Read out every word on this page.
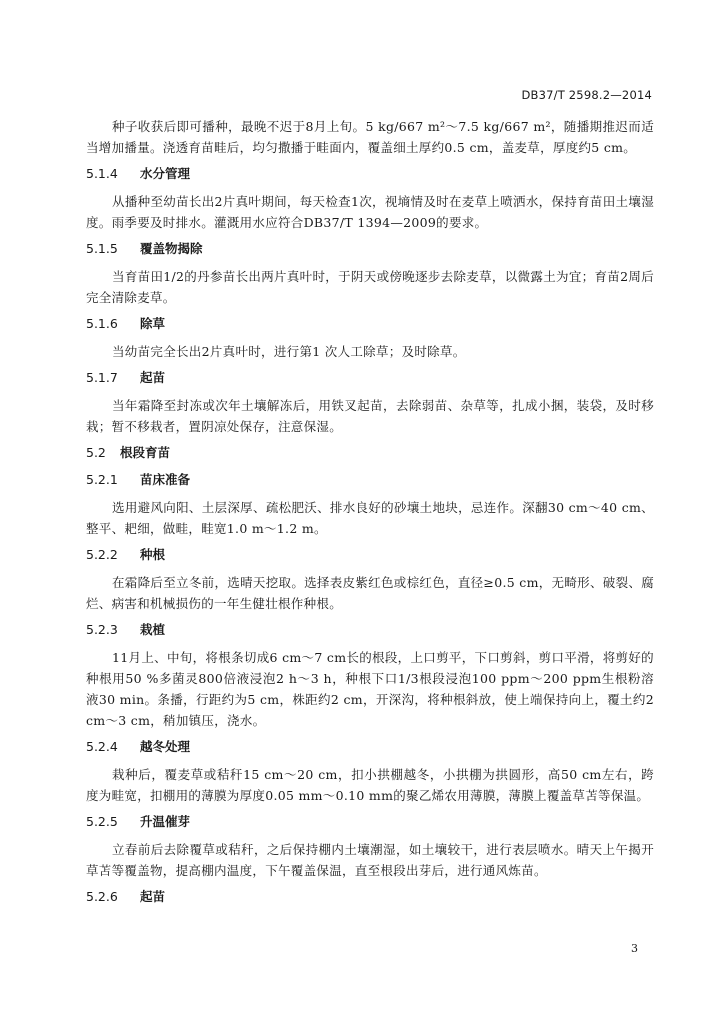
DB37/T 2598.2—2014

种子收获后即可播种，最晚不迟于8月上旬。5 kg/667 m²～7.5 kg/667 m²，随播期推迟而适当增加播量。浇透育苗畦后，均匀撒播于畦面内，覆盖细土厚约0.5 cm，盖麦草，厚度约5 cm。

5.1.4 水分管理

从播种至幼苗长出2片真叶期间，每天检查1次，视墒情及时在麦草上喷洒水，保持育苗田土壤湿度。雨季要及时排水。灌溉用水应符合DB37/T 1394—2009的要求。

5.1.5 覆盖物揭除

当育苗田1/2的丹参苗长出两片真叶时，于阴天或傍晚逐步去除麦草，以微露土为宜；育苗2周后完全清除麦草。

5.1.6 除草

当幼苗完全长出2片真叶时，进行第1 次人工除草；及时除草。

5.1.7 起苗

当年霜降至封冻或次年土壤解冻后，用铁叉起苗，去除弱苗、杂草等，扎成小捆，装袋，及时移栽；暂不移栽者，置阴凉处保存，注意保湿。

5.2 根段育苗
5.2.1 苗床准备

选用避风向阳、土层深厚、疏松肥沃、排水良好的砂壤土地块，忌连作。深翻30 cm～40 cm、整平、耙细，做畦，畦宽1.0 m～1.2 m。

5.2.2 种根

在霜降后至立冬前，选晴天挖取。选择表皮紫红色或棕红色，直径≥0.5 cm，无畸形、破裂、腐烂、病害和机械损伤的一年生健壮根作种根。

5.2.3 栽植

11月上、中旬，将根条切成6 cm～7 cm长的根段，上口剪平，下口剪斜，剪口平滑，将剪好的种根用50 %多菌灵800倍液浸泡2 h～3 h，种根下口1/3根段浸泡100 ppm～200 ppm生根粉溶液30 min。条播，行距约为5 cm，株距约2 cm，开深沟，将种根斜放，使上端保持向上，覆土约2 cm～3 cm，稍加镇压，浇水。

5.2.4 越冬处理

栽种后，覆麦草或秸秆15 cm～20 cm，扣小拱棚越冬，小拱棚为拱圆形，高50 cm左右，跨度为畦宽，扣棚用的薄膜为厚度0.05 mm～0.10 mm的聚乙烯农用薄膜，薄膜上覆盖草苫等保温。

5.2.5 升温催芽

立春前后去除覆草或秸秆，之后保持棚内土壤潮湿，如土壤较干，进行表层喷水。晴天上午揭开草苫等覆盖物，提高棚内温度，下午覆盖保温，直至根段出芽后，进行通风炼苗。

5.2.6 起苗
3
